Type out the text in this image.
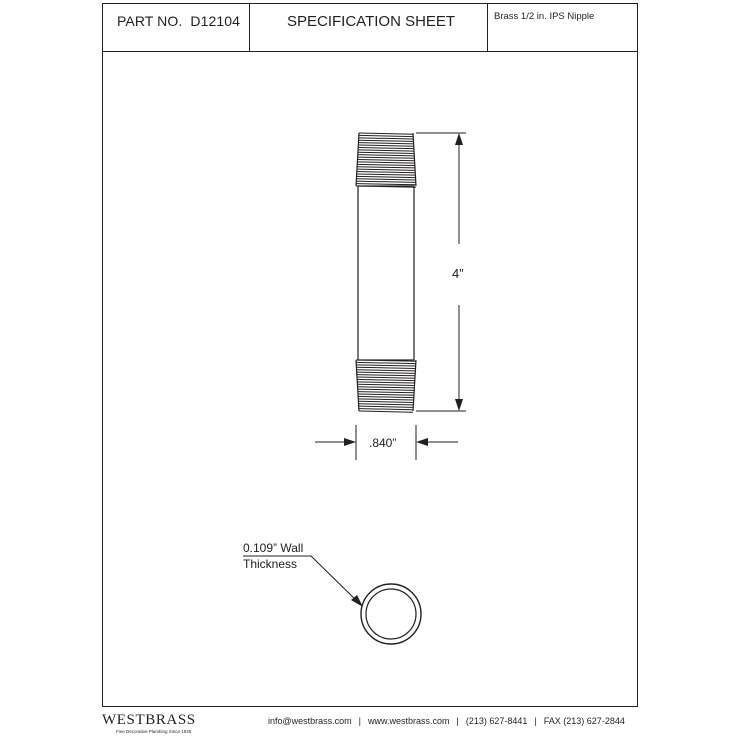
PART NO. D12104	SPECIFICATION SHEET	Brass 1/2 in. IPS Nipple
4”
.840”
0.109” Wall
Thickness
WESTBRASS
Fine Decorative Plumbing Since 1935
info@westbrass.com | www.westbrass.com | (213) 627-8441 | FAX (213) 627-2844
